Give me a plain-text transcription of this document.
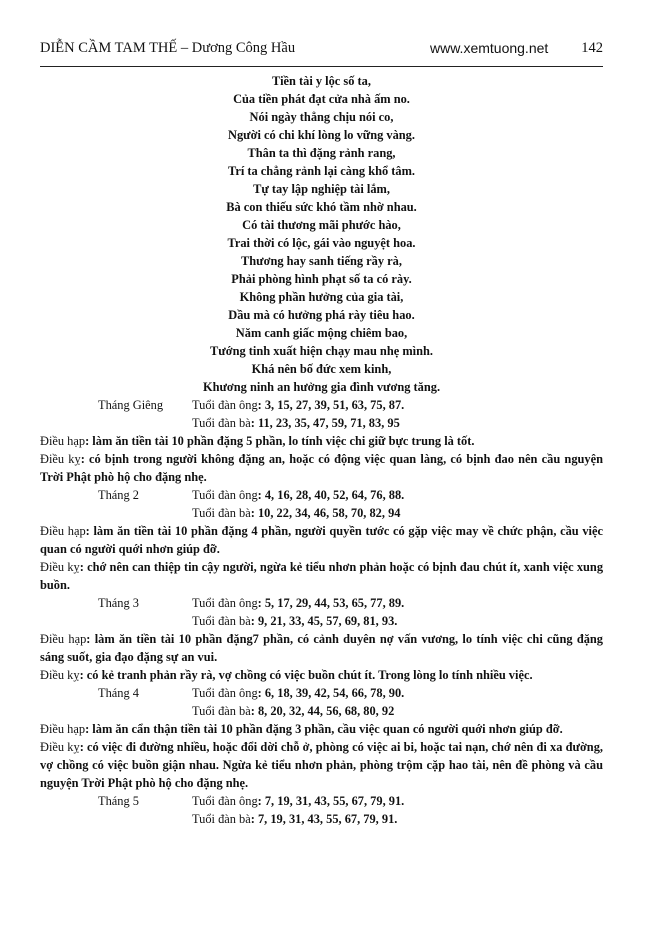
DIỄN CẦM TAM THẾ – Dương Công Hầu	www.xemtuong.net 142
Tiền tài y lộc số ta,
Của tiền phát đạt cửa nhà ấm no.
Nói ngày thẳng chịu nói co,
Người có chi khí lòng lo vững vàng.
Thân ta thì đặng rảnh rang,
Trí ta chẳng rảnh lại càng khổ tâm.
Tự tay lập nghiệp tài lắm,
Bà con thiếu sức khó tầm nhờ nhau.
Có tài thương mãi phước hào,
Trai thời có lộc, gái vào nguyệt hoa.
Thương hay sanh tiếng rầy rà,
Phải phòng hình phạt số ta có rày.
Không phần hưởng của gia tài,
Dầu mà có hưởng phá rày tiêu hao.
Năm canh giấc mộng chiêm bao,
Tướng tinh xuất hiện chạy mau nhẹ mình.
Khá nên bố đức xem kinh,
Khương ninh an hưởng gia đình vương tăng.
Tháng Giêng Tuổi đàn ông: 3, 15, 27, 39, 51, 63, 75, 87.
Tuổi đàn bà: 11, 23, 35, 47, 59, 71, 83, 95
Điều hạp: làm ăn tiền tài 10 phần đặng 5 phần, lo tính việc chi giữ bực trung là tốt.
Điều kỵ: có bịnh trong người không đặng an, hoặc có động việc quan làng, có bịnh đao nên cầu nguyện Trời Phật phò hộ cho đặng nhẹ.
Tháng 2	Tuổi đàn ông: 4, 16, 28, 40, 52, 64, 76, 88.
Tuổi đàn bà: 10, 22, 34, 46, 58, 70, 82, 94
Điều hạp: làm ăn tiền tài 10 phần đặng 4 phần, người quyền tước có gặp việc may về chức phận, cầu việc quan có người quới nhơn giúp đỡ.
Điều kỵ: chớ nên can thiệp tin cậy người, ngừa kẻ tiểu nhơn phản hoặc có bịnh đau chút ít, xanh việc xung buồn.
Tháng 3	Tuổi đàn ông: 5, 17, 29, 44, 53, 65, 77, 89.
Tuổi đàn bà: 9, 21, 33, 45, 57, 69, 81, 93.
Điều hạp: làm ăn tiền tài 10 phần đặng7 phần, có cảnh duyên nợ vấn vương, lo tính việc chi cũng đặng sáng suốt, gia đạo đặng sự an vui.
Điều kỵ: có kẻ tranh phản rầy rà, vợ chồng có việc buồn chút ít. Trong lòng lo tính nhiều việc.
Tháng 4	Tuổi đàn ông: 6, 18, 39, 42, 54, 66, 78, 90.
Tuổi đàn bà: 8, 20, 32, 44, 56, 68, 80, 92
Điều hạp: làm ăn cẩn thận tiền tài 10 phần đặng 3 phần, cầu việc quan có người quới nhơn giúp đỡ.
Điều kỵ: có việc đi đường nhiều, hoặc đổi dời chỗ ở, phòng có việc ai bi, hoặc tai nạn, chớ nên đi xa đường, vợ chồng có việc buồn giận nhau. Ngừa kẻ tiểu nhơn phản, phòng trộm cặp hao tài, nên đề phòng và cầu nguyện Trời Phật phò hộ cho đặng nhẹ.
Tháng 5	Tuổi đàn ông: 7, 19, 31, 43, 55, 67, 79, 91.
Tuổi đàn bà: 7, 19, 31, 43, 55, 67, 79, 91.
